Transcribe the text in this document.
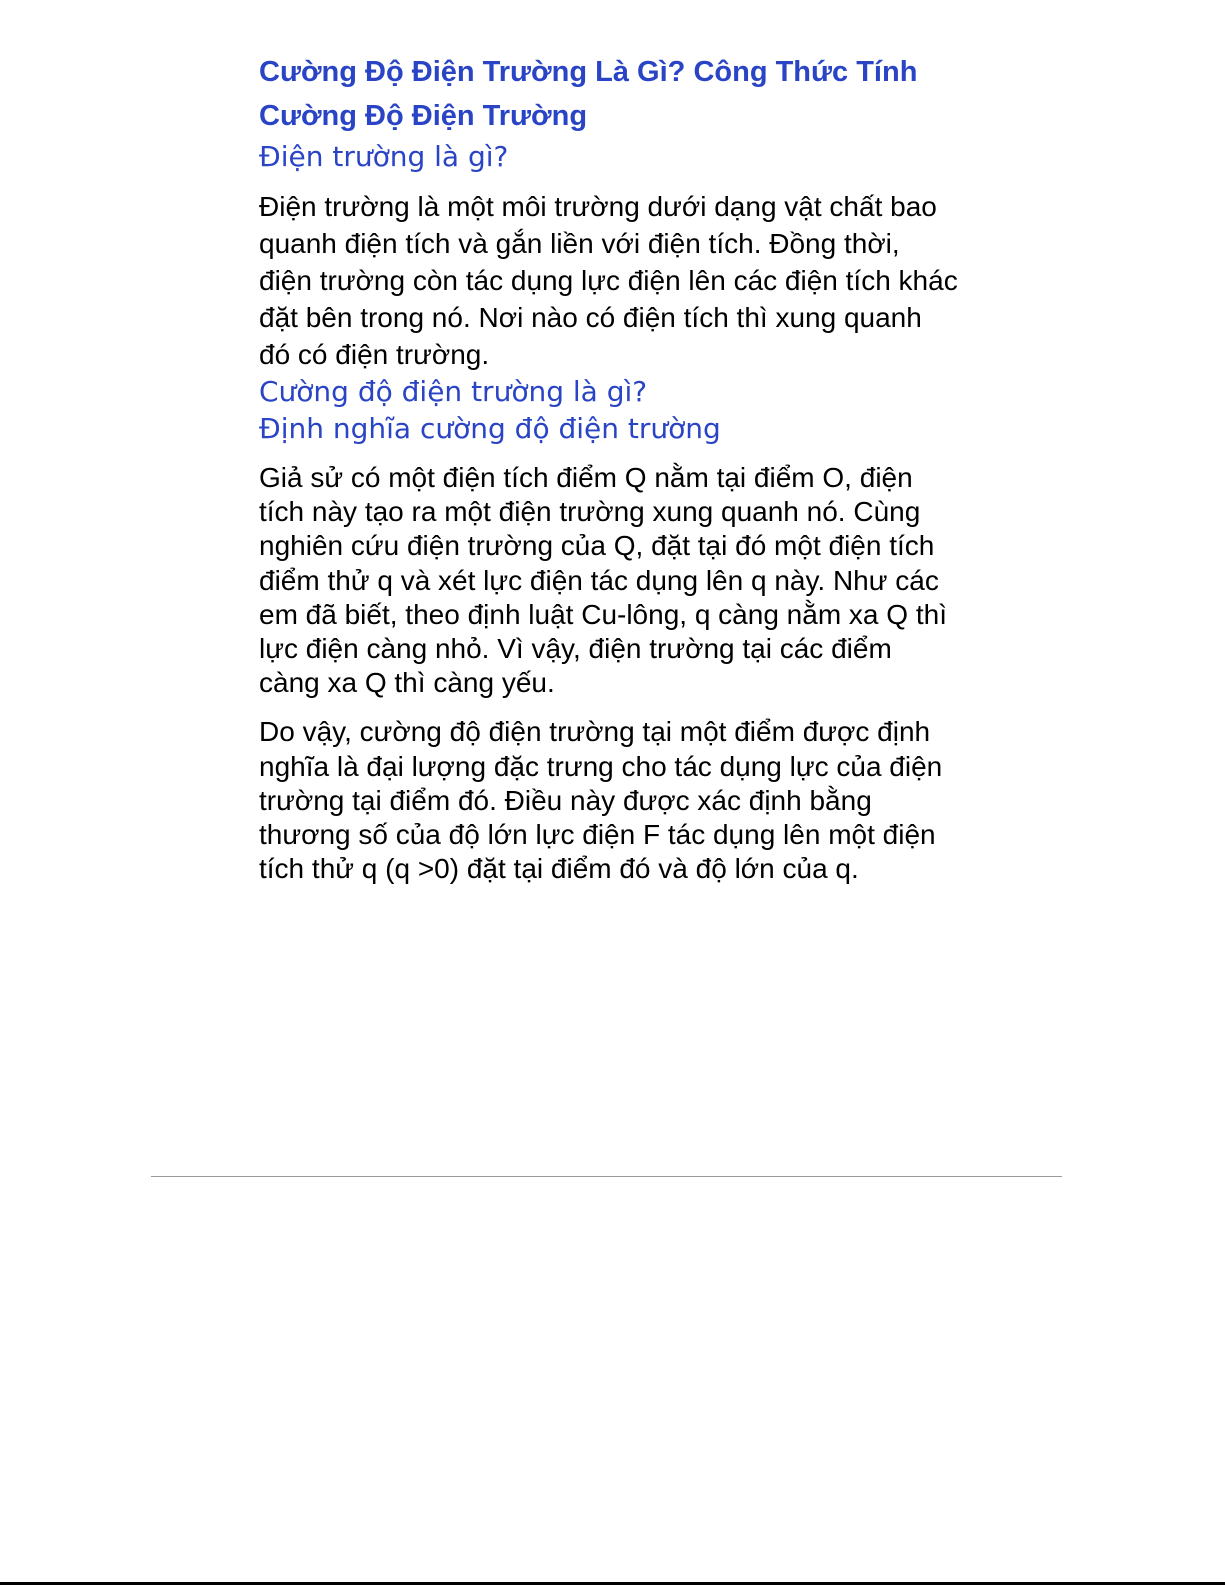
Cường Độ Điện Trường Là Gì? Công Thức Tính Cường Độ Điện Trường
Điện trường là gì?

Điện trường là một môi trường dưới dạng vật chất bao quanh điện tích và gắn liền với điện tích. Đồng thời, điện trường còn tác dụng lực điện lên các điện tích khác đặt bên trong nó. Nơi nào có điện tích thì xung quanh đó có điện trường.

Cường độ điện trường là gì?
Định nghĩa cường độ điện trường

Giả sử có một điện tích điểm Q nằm tại điểm O, điện tích này tạo ra một điện trường xung quanh nó. Cùng nghiên cứu điện trường của Q, đặt tại đó một điện tích điểm thử q và xét lực điện tác dụng lên q này. Như các em đã biết, theo định luật Cu-lông, q càng nằm xa Q thì lực điện càng nhỏ. Vì vậy, điện trường tại các điểm càng xa Q thì càng yếu.

Do vậy, cường độ điện trường tại một điểm được định nghĩa là đại lượng đặc trưng cho tác dụng lực của điện trường tại điểm đó. Điều này được xác định bằng thương số của độ lớn lực điện F tác dụng lên một điện tích thử q (q >0) đặt tại điểm đó và độ lớn của q.
